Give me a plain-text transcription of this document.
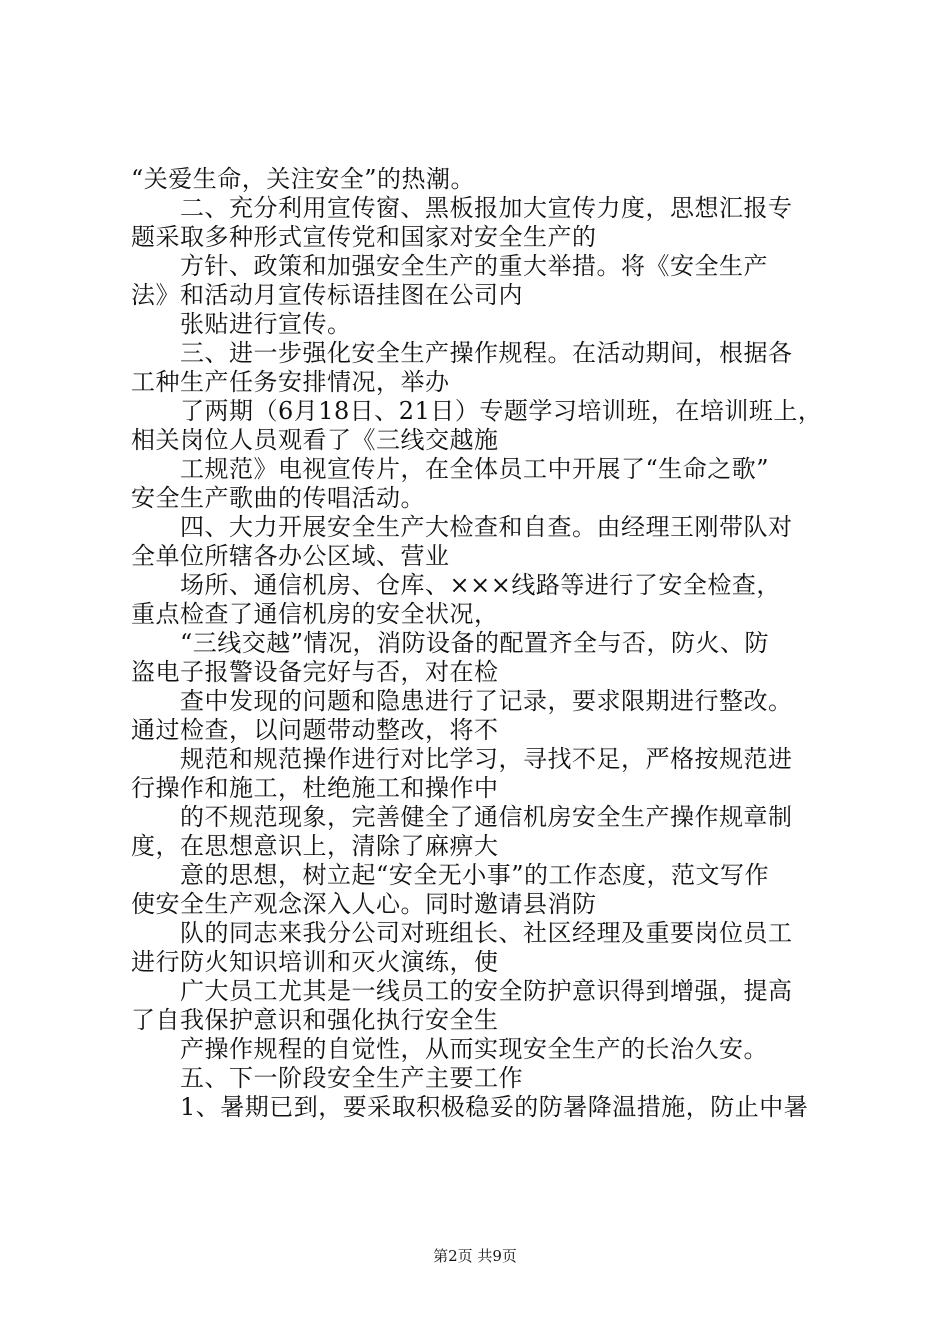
“关爱生命，关注安全”的热潮。
二、充分利用宣传窗、黑板报加大宣传力度，思想汇报专
题采取多种形式宣传党和国家对安全生产的
方针、政策和加强安全生产的重大举措。将《安全生产
法》和活动月宣传标语挂图在公司内
张贴进行宣传。
三、进一步强化安全生产操作规程。在活动期间，根据各
工种生产任务安排情况，举办
了两期（6月18日、21日）专题学习培训班，在培训班上，
相关岗位人员观看了《三线交越施
工规范》电视宣传片，在全体员工中开展了“生命之歌”
安全生产歌曲的传唱活动。
四、大力开展安全生产大检查和自查。由经理王刚带队对
全单位所辖各办公区域、营业
场所、通信机房、仓库、×××线路等进行了安全检查，
重点检查了通信机房的安全状况，
“三线交越”情况，消防设备的配置齐全与否，防火、防
盗电子报警设备完好与否，对在检
查中发现的问题和隐患进行了记录，要求限期进行整改。
通过检查，以问题带动整改，将不
规范和规范操作进行对比学习，寻找不足，严格按规范进
行操作和施工，杜绝施工和操作中
的不规范现象，完善健全了通信机房安全生产操作规章制
度，在思想意识上，清除了麻痹大
意的思想，树立起“安全无小事”的工作态度，范文写作
使安全生产观念深入人心。同时邀请县消防
队的同志来我分公司对班组长、社区经理及重要岗位员工
进行防火知识培训和灭火演练，使
广大员工尤其是一线员工的安全防护意识得到增强，提高
了自我保护意识和强化执行安全生
产操作规程的自觉性，从而实现安全生产的长治久安。
五、下一阶段安全生产主要工作
1、暑期已到，要采取积极稳妥的防暑降温措施，防止中暑
第2页 共9页
